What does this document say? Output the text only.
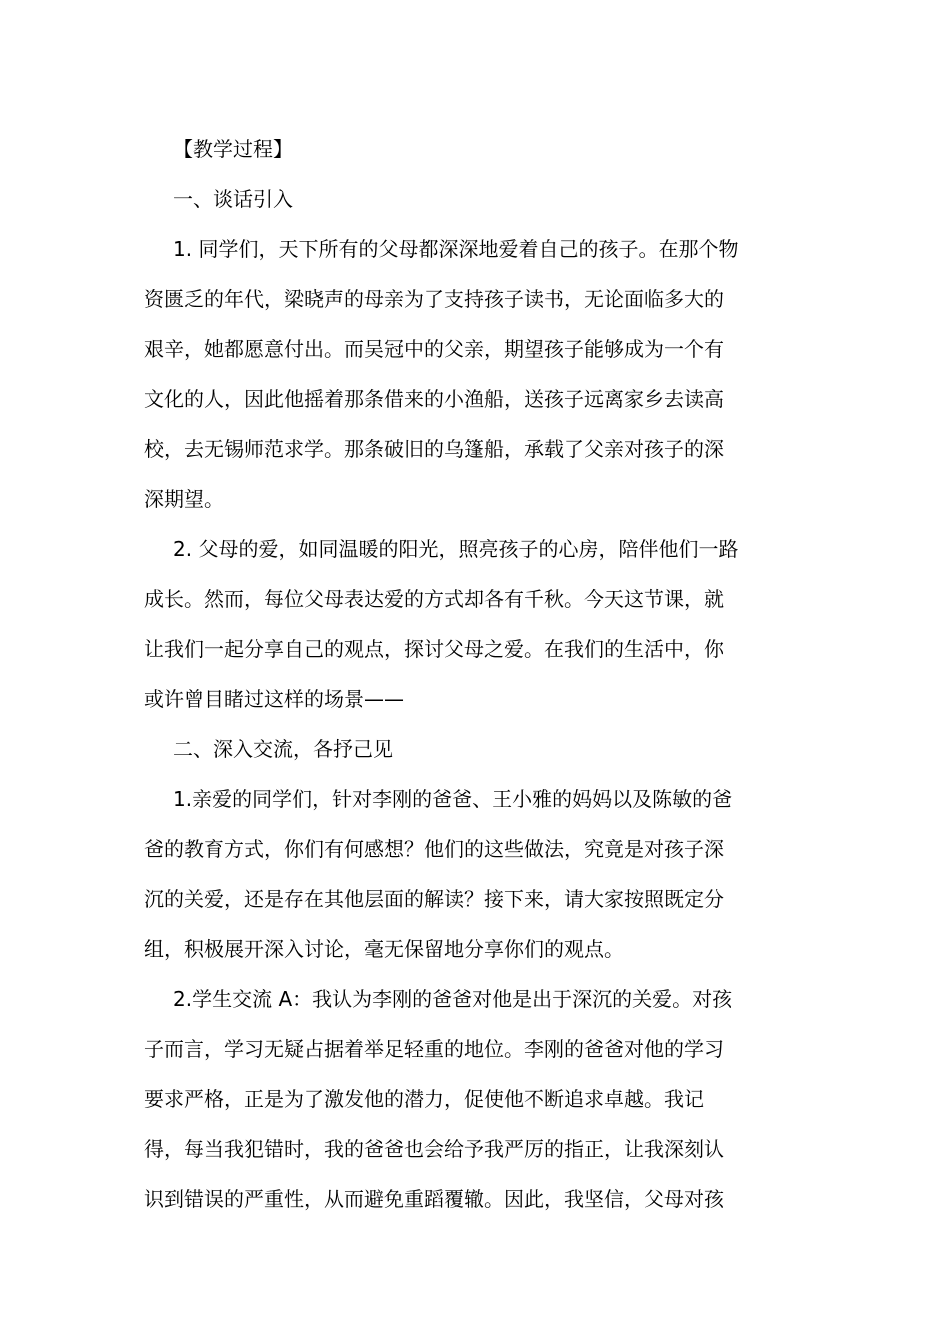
【教学过程】
一、谈话引入
1. 同学们，天下所有的父母都深深地爱着自己的孩子。在那个物
资匮乏的年代，梁晓声的母亲为了支持孩子读书，无论面临多大的
艰辛，她都愿意付出。而吴冠中的父亲，期望孩子能够成为一个有
文化的人，因此他摇着那条借来的小渔船，送孩子远离家乡去读高
校，去无锡师范求学。那条破旧的乌篷船，承载了父亲对孩子的深
深期望。
2. 父母的爱，如同温暖的阳光，照亮孩子的心房，陪伴他们一路
成长。然而，每位父母表达爱的方式却各有千秋。今天这节课，就
让我们一起分享自己的观点，探讨父母之爱。在我们的生活中，你
或许曾目睹过这样的场景——
二、深入交流，各抒己见
1.亲爱的同学们，针对李刚的爸爸、王小雅的妈妈以及陈敏的爸
爸的教育方式，你们有何感想？他们的这些做法，究竟是对孩子深
沉的关爱，还是存在其他层面的解读？接下来，请大家按照既定分
组，积极展开深入讨论，毫无保留地分享你们的观点。
2.学生交流 A：我认为李刚的爸爸对他是出于深沉的关爱。对孩
子而言，学习无疑占据着举足轻重的地位。李刚的爸爸对他的学习
要求严格，正是为了激发他的潜力，促使他不断追求卓越。我记
得，每当我犯错时，我的爸爸也会给予我严厉的指正，让我深刻认
识到错误的严重性，从而避免重蹈覆辙。因此，我坚信，父母对孩
